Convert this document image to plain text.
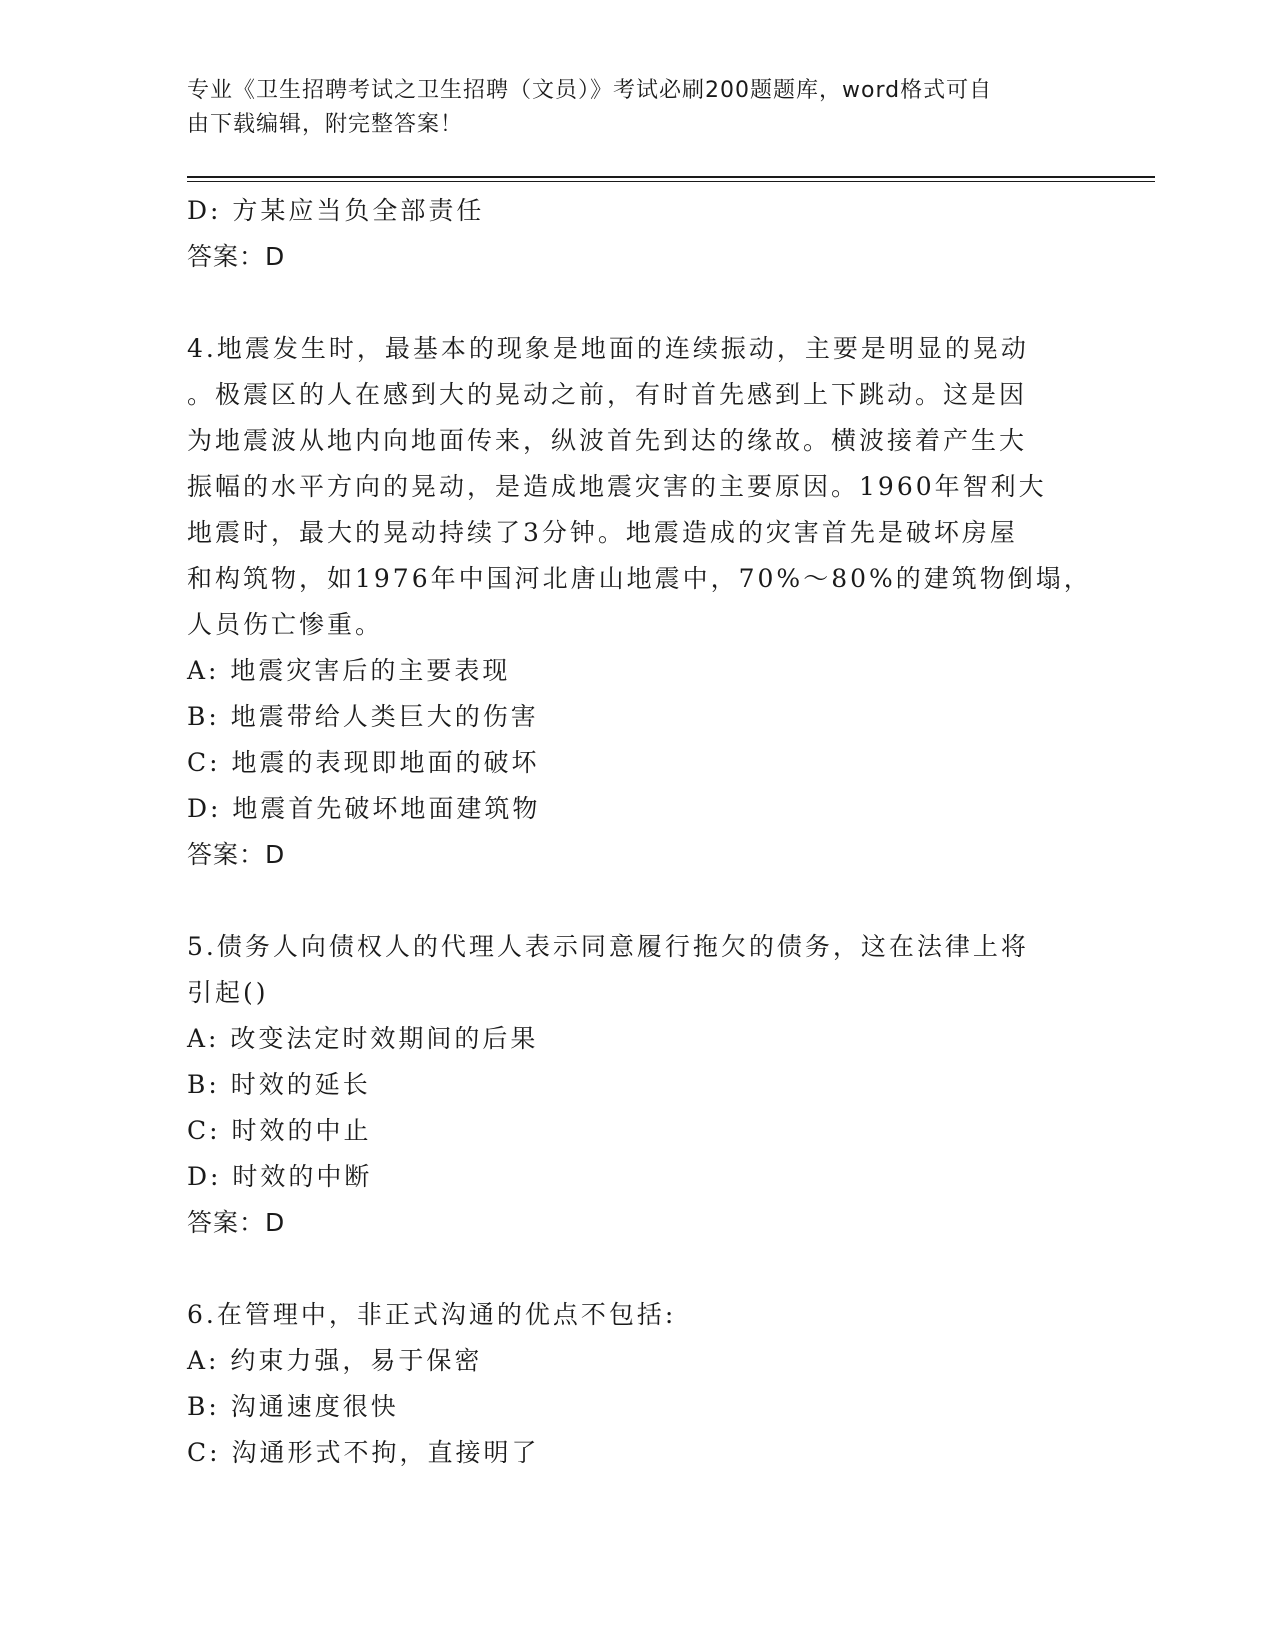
专业《卫生招聘考试之卫生招聘（文员）》考试必刷200题题库，word格式可自
由下载编辑，附完整答案！
D: 方某应当负全部责任
答案：D
4.地震发生时，最基本的现象是地面的连续振动，主要是明显的晃动
。极震区的人在感到大的晃动之前，有时首先感到上下跳动。这是因
为地震波从地内向地面传来，纵波首先到达的缘故。横波接着产生大
振幅的水平方向的晃动，是造成地震灾害的主要原因。1960年智利大
地震时，最大的晃动持续了3分钟。地震造成的灾害首先是破坏房屋
和构筑物，如1976年中国河北唐山地震中，70%～80%的建筑物倒塌，
人员伤亡惨重。
A: 地震灾害后的主要表现
B: 地震带给人类巨大的伤害
C: 地震的表现即地面的破坏
D: 地震首先破坏地面建筑物
答案：D
5.债务人向债权人的代理人表示同意履行拖欠的债务，这在法律上将
引起()
A: 改变法定时效期间的后果
B: 时效的延长
C: 时效的中止
D: 时效的中断
答案：D
6.在管理中，非正式沟通的优点不包括:
A: 约束力强，易于保密
B: 沟通速度很快
C: 沟通形式不拘，直接明了
